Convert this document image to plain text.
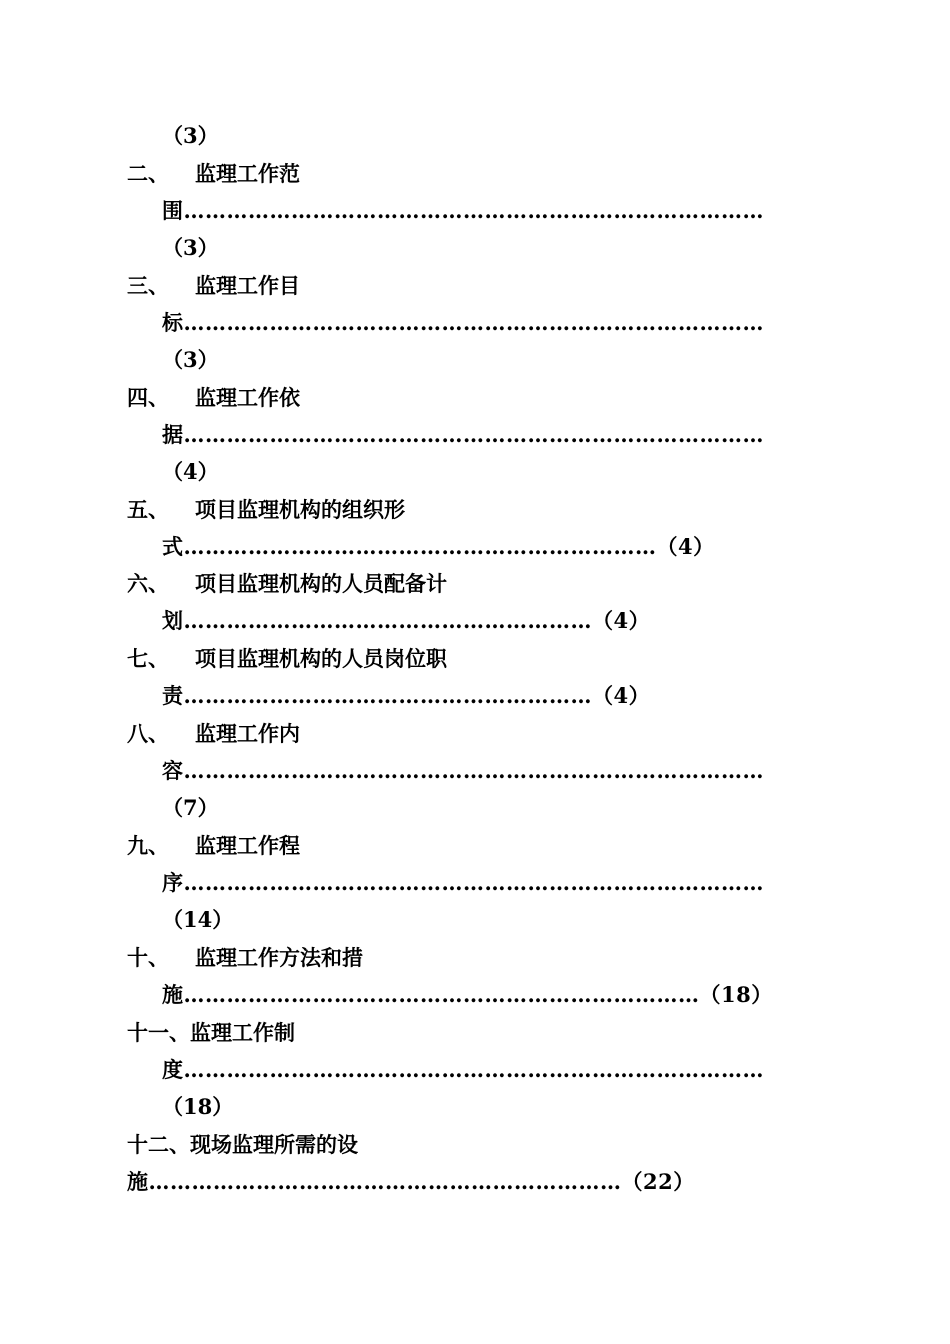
（3）

二、 监理工作范

围………………………………………………………………………

（3）

三、 监理工作目

标………………………………………………………………………

（3）

四、 监理工作依

据………………………………………………………………………

（4）

五、 项目监理机构的组织形

式…………………………………………………………（4）

六、 项目监理机构的人员配备计

划…………………………………………………（4）

七、 项目监理机构的人员岗位职

责…………………………………………………（4）

八、 监理工作内

容………………………………………………………………………

（7）

九、 监理工作程

序………………………………………………………………………

（14）

十、 监理工作方法和措

施………………………………………………………………（18）

十一、监理工作制

度………………………………………………………………………

（18）

十二、现场监理所需的设

施…………………………………………………………（22）
